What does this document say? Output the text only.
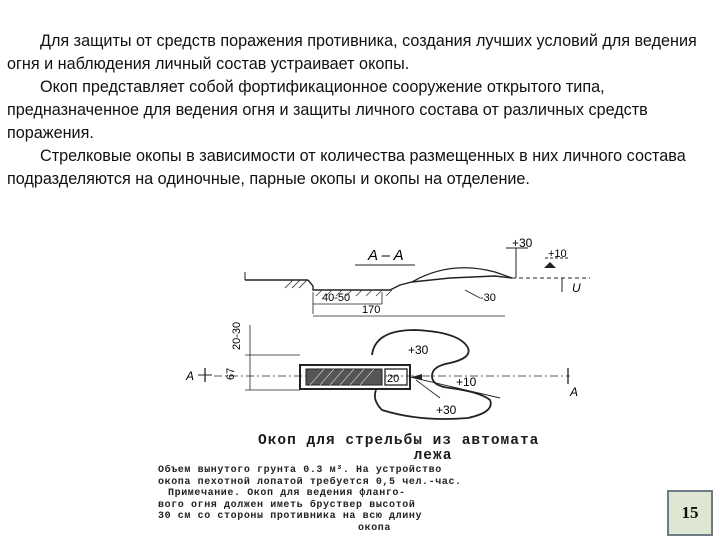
Для защиты от средств поражения противника, создания лучших условий для ведения огня и наблюдения личный состав устраивает окопы.

Окоп представляет собой фортификационное сооружение открытого типа, предназначенное для ведения огня и защиты личного состава от различных средств поражения.

Стрелковые окопы в зависимости от количества размещенных в них личного состава подразделяются на одиночные, парные окопы и окопы на отделение.

A – A
+30
+10
U
40-50	-30
170
20-30
67
A
A
+30
+30
20	+10
Окоп для стрельбы из автомата
лежа
Объем вынутого грунта 0.3 м³. На устройство
окопа пехотной лопатой требуется 0,5 чел.-час.
Примечание. Окоп для ведения фланго-
вого огня должен иметь бруствер высотой
30 см со стороны противника на всю длину
окопа
15
